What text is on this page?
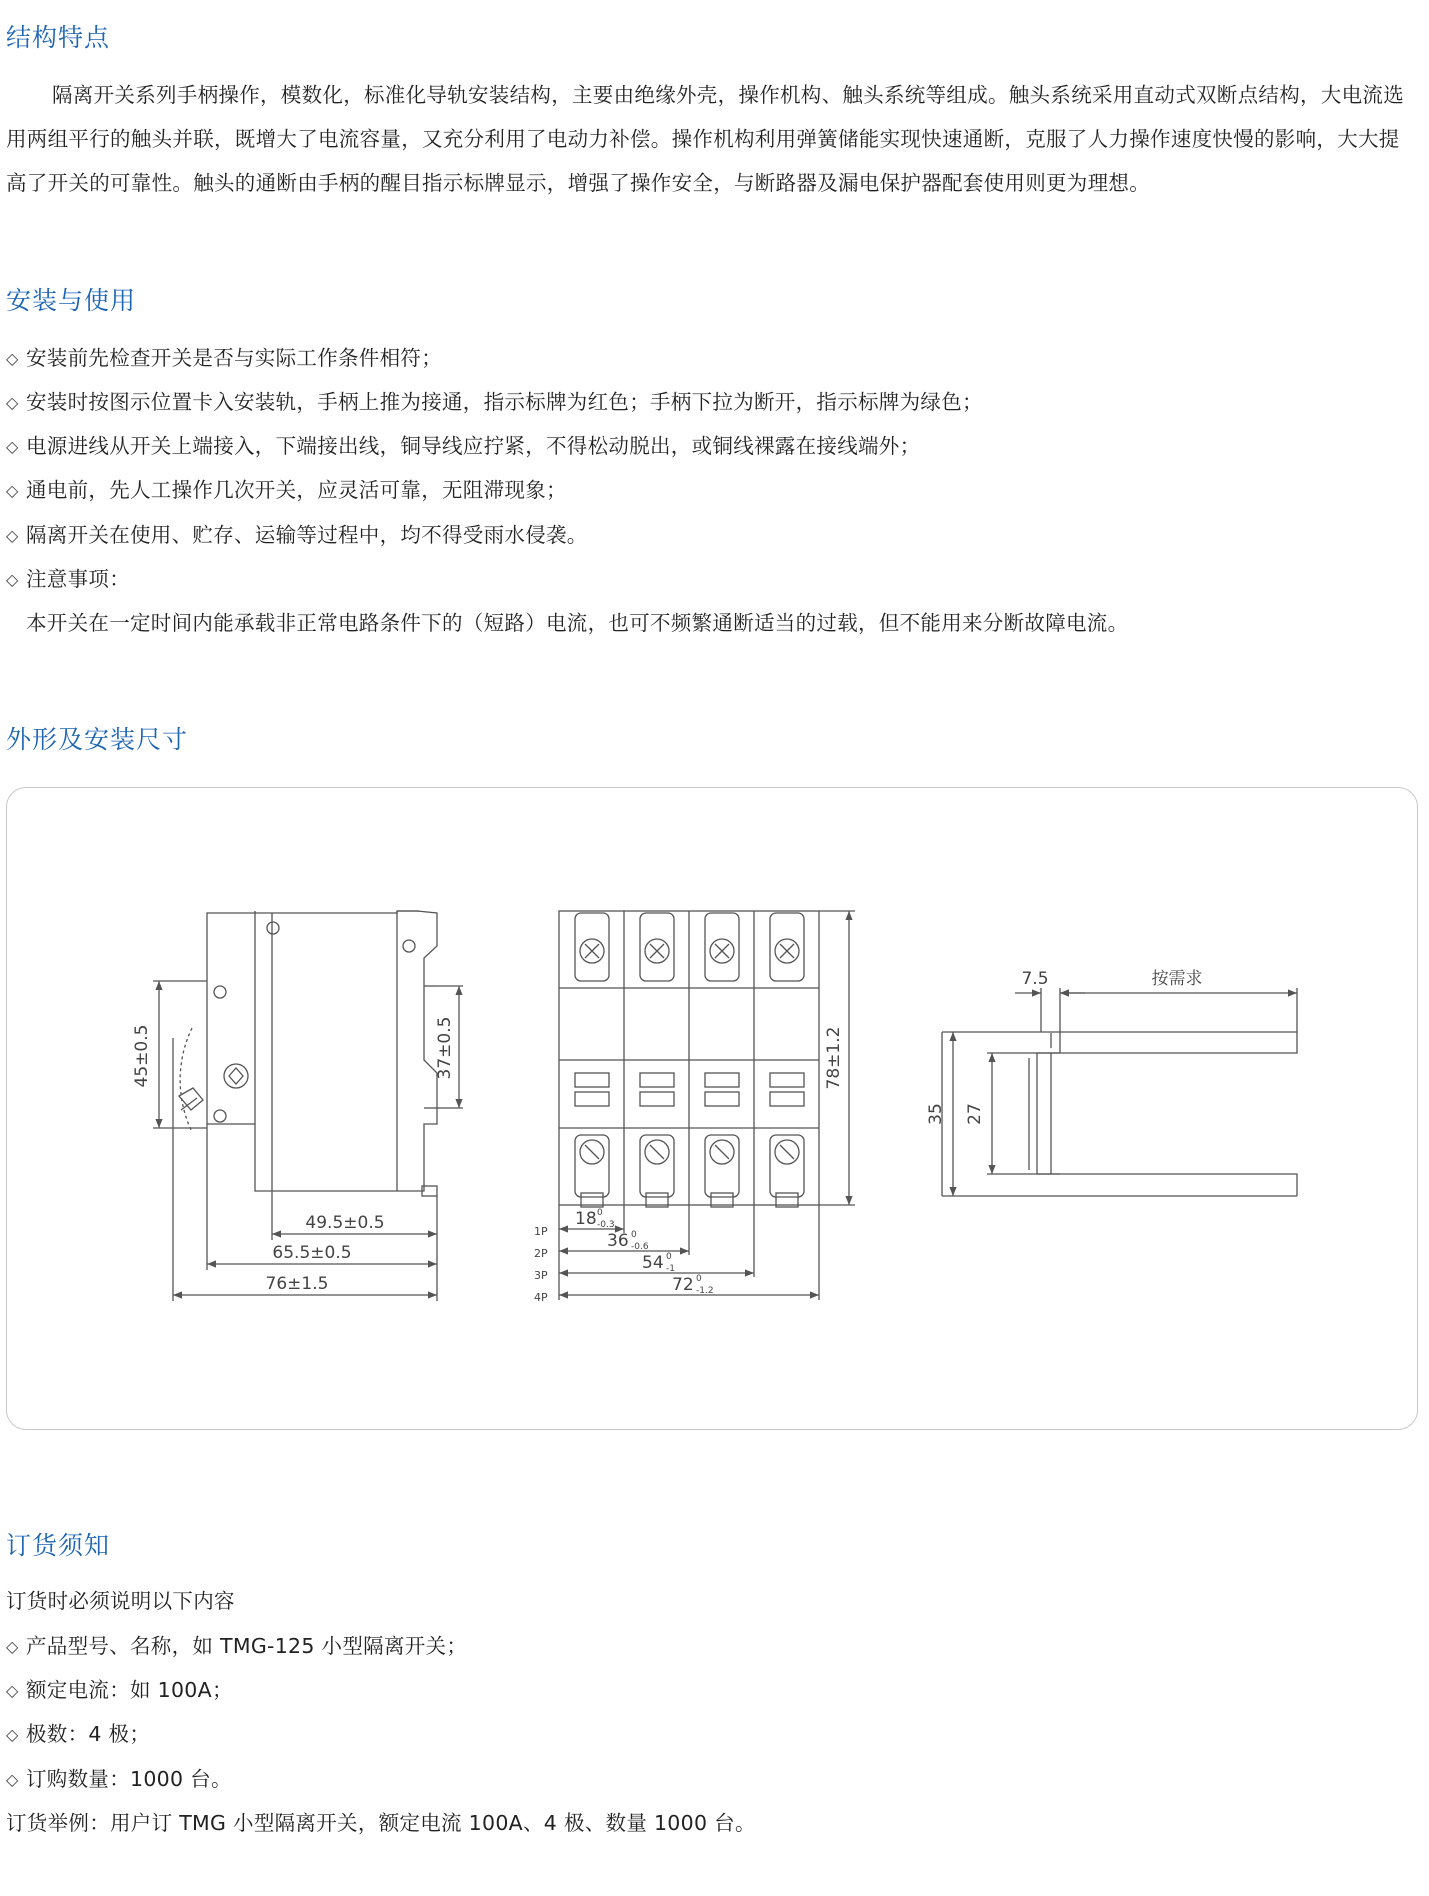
结构特点

隔离开关系列手柄操作，模数化，标准化导轨安装结构，主要由绝缘外壳，操作机构、触头系统等组成。触头系统采用直动式双断点结构，大电流选用两组平行的触头并联，既增大了电流容量，又充分利用了电动力补偿。操作机构利用弹簧储能实现快速通断，克服了人力操作速度快慢的影响，大大提高了开关的可靠性。触头的通断由手柄的醒目指示标牌显示，增强了操作安全，与断路器及漏电保护器配套使用则更为理想。

安装与使用

◇ 安装前先检查开关是否与实际工作条件相符；

◇ 安装时按图示位置卡入安装轨，手柄上推为接通，指示标牌为红色；手柄下拉为断开，指示标牌为绿色；

◇ 电源进线从开关上端接入，下端接出线，铜导线应拧紧，不得松动脱出，或铜线裸露在接线端外；

◇ 通电前，先人工操作几次开关，应灵活可靠，无阻滞现象；

◇ 隔离开关在使用、贮存、运输等过程中，均不得受雨水侵袭。

◇ 注意事项：

本开关在一定时间内能承载非正常电路条件下的（短路）电流，也可不频繁通断适当的过载，但不能用来分断故障电流。

外形及安装尺寸
45±0.5	37±0.5
49.5±0.5
65.5±0.5
76±1.5
78±1.2
1P
2P
3P
4P
18 0
-0.3
36 0
-0.6
54 0
-1
72 0
-1.2
7.5	按需求
35 27
订货须知

订货时必须说明以下内容

◇ 产品型号、名称，如 TMG-125 小型隔离开关；

◇ 额定电流：如 100A；

◇ 极数：4 极；

◇ 订购数量：1000 台。

订货举例：用户订 TMG 小型隔离开关，额定电流 100A、4 极、数量 1000 台。
